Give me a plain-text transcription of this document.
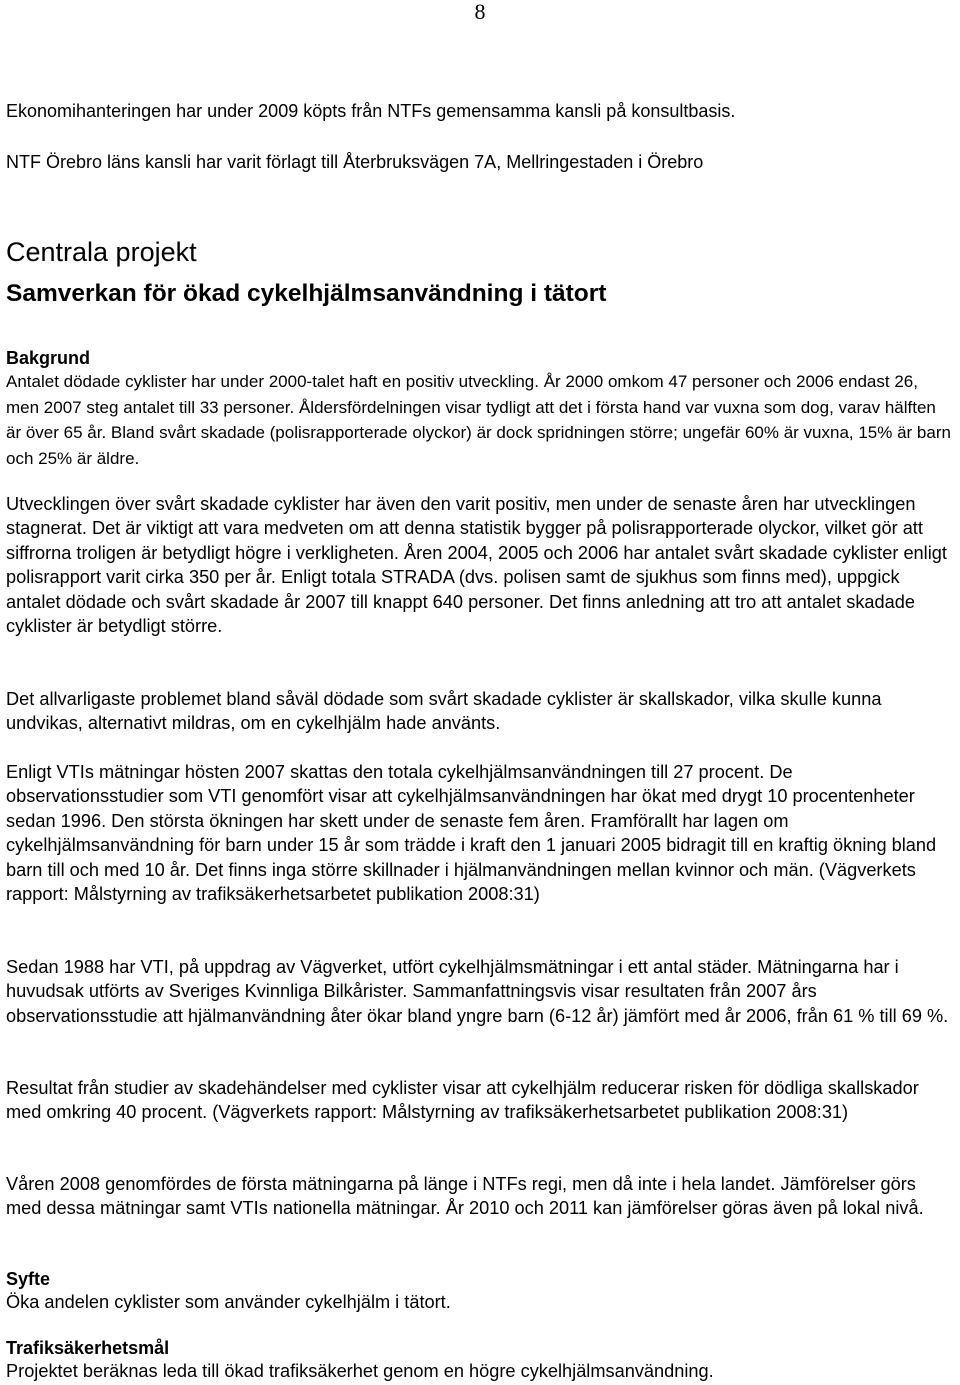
8

Ekonomihanteringen har under 2009 köpts från NTFs gemensamma kansli på konsultbasis.

NTF Örebro läns kansli har varit förlagt till Återbruksvägen 7A, Mellringestaden i Örebro

Centrala projekt
Samverkan för ökad cykelhjälmsanvändning i tätort
Bakgrund

Antalet dödade cyklister har under 2000-talet haft en positiv utveckling. År 2000 omkom 47 personer och 2006 endast 26, men 2007 steg antalet till 33 personer. Åldersfördelningen visar tydligt att det i första hand var vuxna som dog, varav hälften är över 65 år. Bland svårt skadade (polisrapporterade olyckor) är dock spridningen större; ungefär 60% är vuxna, 15% är barn och 25% är äldre.

Utvecklingen över svårt skadade cyklister har även den varit positiv, men under de senaste åren har utvecklingen stagnerat. Det är viktigt att vara medveten om att denna statistik bygger på polisrapporterade olyckor, vilket gör att siffrorna troligen är betydligt högre i verkligheten. Åren 2004, 2005 och 2006 har antalet svårt skadade cyklister enligt polisrapport varit cirka 350 per år. Enligt totala STRADA (dvs. polisen samt de sjukhus som finns med), uppgick antalet dödade och svårt skadade år 2007 till knappt 640 personer. Det finns anledning att tro att antalet skadade cyklister är betydligt större.

Det allvarligaste problemet bland såväl dödade som svårt skadade cyklister är skallskador, vilka skulle kunna undvikas, alternativt mildras, om en cykelhjälm hade använts.

Enligt VTIs mätningar hösten 2007 skattas den totala cykelhjälmsanvändningen till 27 procent. De observationsstudier som VTI genomfört visar att cykelhjälmsanvändningen har ökat med drygt 10 procentenheter sedan 1996. Den största ökningen har skett under de senaste fem åren. Framförallt har lagen om cykelhjälmsanvändning för barn under 15 år som trädde i kraft den 1 januari 2005 bidragit till en kraftig ökning bland barn till och med 10 år. Det finns inga större skillnader i hjälmanvändningen mellan kvinnor och män. (Vägverkets rapport: Målstyrning av trafiksäkerhetsarbetet publikation 2008:31)

Sedan 1988 har VTI, på uppdrag av Vägverket, utfört cykelhjälmsmätningar i ett antal städer. Mätningarna har i huvudsak utförts av Sveriges Kvinnliga Bilkårister. Sammanfattningsvis visar resultaten från 2007 års observationsstudie att hjälmanvändning åter ökar bland yngre barn (6-12 år) jämfört med år 2006, från 61 % till 69 %.

Resultat från studier av skadehändelser med cyklister visar att cykelhjälm reducerar risken för dödliga skallskador med omkring 40 procent. (Vägverkets rapport: Målstyrning av trafiksäkerhetsarbetet publikation 2008:31)

Våren 2008 genomfördes de första mätningarna på länge i NTFs regi, men då inte i hela landet. Jämförelser görs med dessa mätningar samt VTIs nationella mätningar. År 2010 och 2011 kan jämförelser göras även på lokal nivå.

Syfte

Öka andelen cyklister som använder cykelhjälm i tätort.

Trafiksäkerhetsmål

Projektet beräknas leda till ökad trafiksäkerhet genom en högre cykelhjälmsanvändning.
